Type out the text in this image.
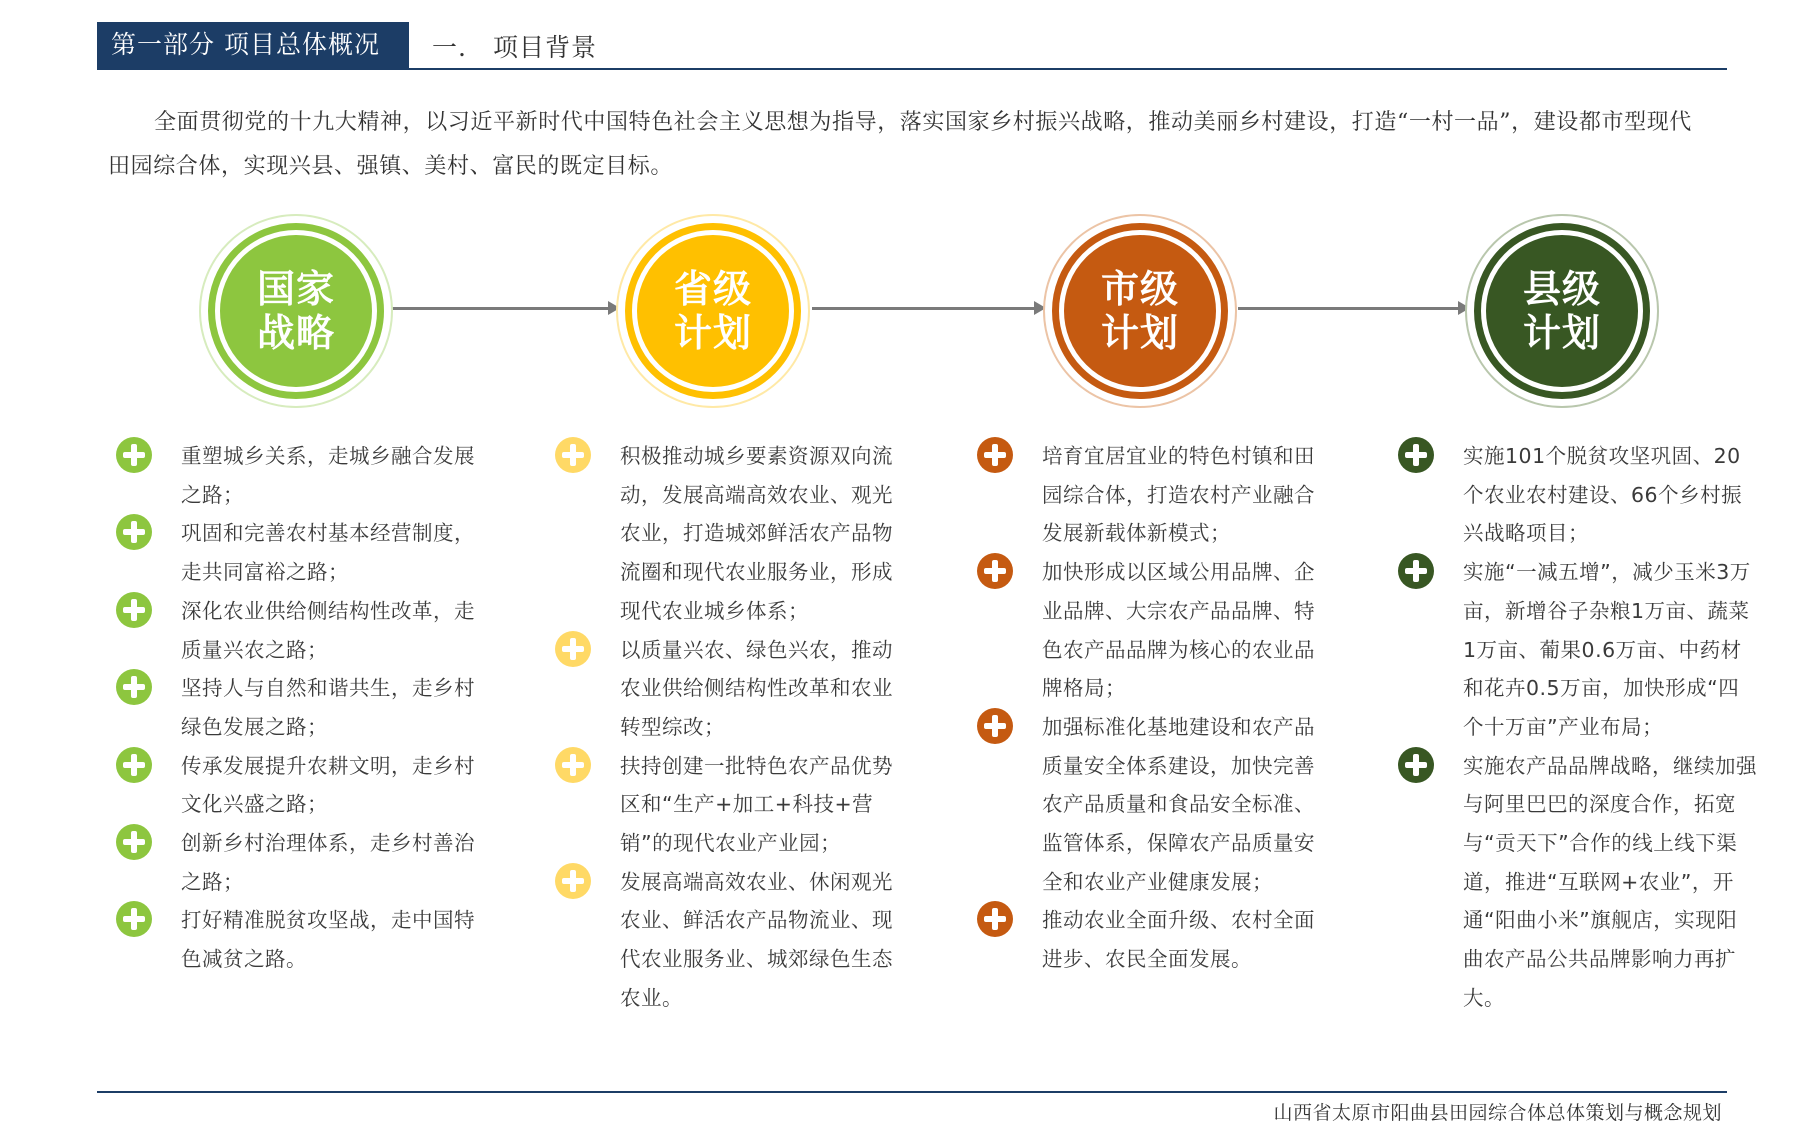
第一部分 项目总体概况	一. 项目背景
全面贯彻党的十九大精神，以习近平新时代中国特色社会主义思想为指导，落实国家乡村振兴战略，推动美丽乡村建设，打造“一村一品”，建设都市型现代田园综合体，实现兴县、强镇、美村、富民的既定目标。
国家
战略
省级
计划
市级
计划
县级
计划
重塑城乡关系，走城乡融合发展之路；
巩固和完善农村基本经营制度，走共同富裕之路；
深化农业供给侧结构性改革，走质量兴农之路；
坚持人与自然和谐共生，走乡村绿色发展之路；
传承发展提升农耕文明，走乡村文化兴盛之路；
创新乡村治理体系，走乡村善治之路；
打好精准脱贫攻坚战，走中国特色减贫之路。
积极推动城乡要素资源双向流动，发展高端高效农业、观光农业，打造城郊鲜活农产品物流圈和现代农业服务业，形成现代农业城乡体系；
以质量兴农、绿色兴农，推动农业供给侧结构性改革和农业转型综改；
扶持创建一批特色农产品优势区和“生产+加工+科技+营销”的现代农业产业园；
发展高端高效农业、休闲观光农业、鲜活农产品物流业、现代农业服务业、城郊绿色生态农业。
培育宜居宜业的特色村镇和田园综合体，打造农村产业融合发展新载体新模式；
加快形成以区域公用品牌、企业品牌、大宗农产品品牌、特色农产品品牌为核心的农业品牌格局；
加强标准化基地建设和农产品质量安全体系建设，加快完善农产品质量和食品安全标准、监管体系，保障农产品质量安全和农业产业健康发展；
推动农业全面升级、农村全面进步、农民全面发展。
实施101个脱贫攻坚巩固、20个农业农村建设、66个乡村振兴战略项目；
实施“一减五增”，减少玉米3万亩，新增谷子杂粮1万亩、蔬菜1万亩、葡果0.6万亩、中药材和花卉0.5万亩，加快形成“四个十万亩”产业布局；
实施农产品品牌战略，继续加强与阿里巴巴的深度合作，拓宽与“贡天下”合作的线上线下渠道，推进“互联网+农业”，开通“阳曲小米”旗舰店，实现阳曲农产品公共品牌影响力再扩大。
山西省太原市阳曲县田园综合体总体策划与概念规划
